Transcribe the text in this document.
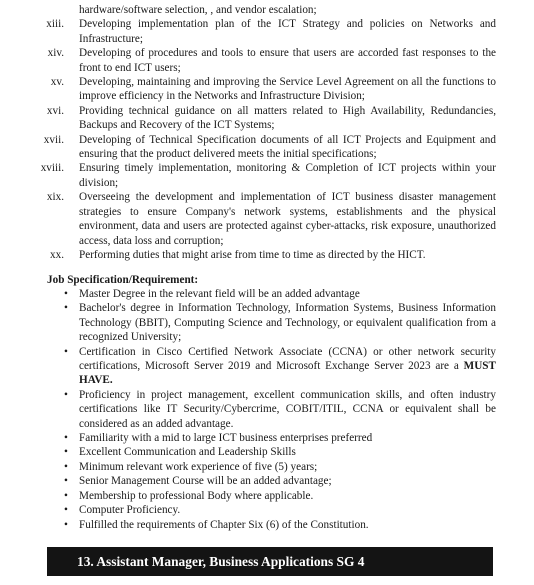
hardware/software selection, , and vendor escalation;
xiii. Developing implementation plan of the ICT Strategy and policies on Networks and Infrastructure;
xiv. Developing of procedures and tools to ensure that users are accorded fast responses to the front to end ICT users;
xv. Developing, maintaining and improving the Service Level Agreement on all the functions to improve efficiency in the Networks and Infrastructure Division;
xvi. Providing technical guidance on all matters related to High Availability, Redundancies, Backups and Recovery of the ICT Systems;
xvii. Developing of Technical Specification documents of all ICT Projects and Equipment and ensuring that the product delivered meets the initial specifications;
xviii. Ensuring timely implementation, monitoring & Completion of ICT projects within your division;
xix. Overseeing the development and implementation of ICT business disaster management strategies to ensure Company's network systems, establishments and the physical environment, data and users are protected against cyber-attacks, risk exposure, unauthorized access, data loss and corruption;
xx. Performing duties that might arise from time to time as directed by the HICT.
Job Specification/Requirement:
• Master Degree in the relevant field will be an added advantage
• Bachelor's degree in Information Technology, Information Systems, Business Information Technology (BBIT), Computing Science and Technology, or equivalent qualification from a recognized University;
• Certification in Cisco Certified Network Associate (CCNA) or other network security certifications, Microsoft Server 2019 and Microsoft Exchange Server 2023 are a MUST HAVE.
• Proficiency in project management, excellent communication skills, and often industry certifications like IT Security/Cybercrime, COBIT/ITIL, CCNA or equivalent shall be considered as an added advantage.
• Familiarity with a mid to large ICT business enterprises preferred
• Excellent Communication and Leadership Skills
• Minimum relevant work experience of five (5) years;
• Senior Management Course will be an added advantage;
• Membership to professional Body where applicable.
• Computer Proficiency.
• Fulfilled the requirements of Chapter Six (6) of the Constitution.
13. Assistant Manager, Business Applications SG 4
